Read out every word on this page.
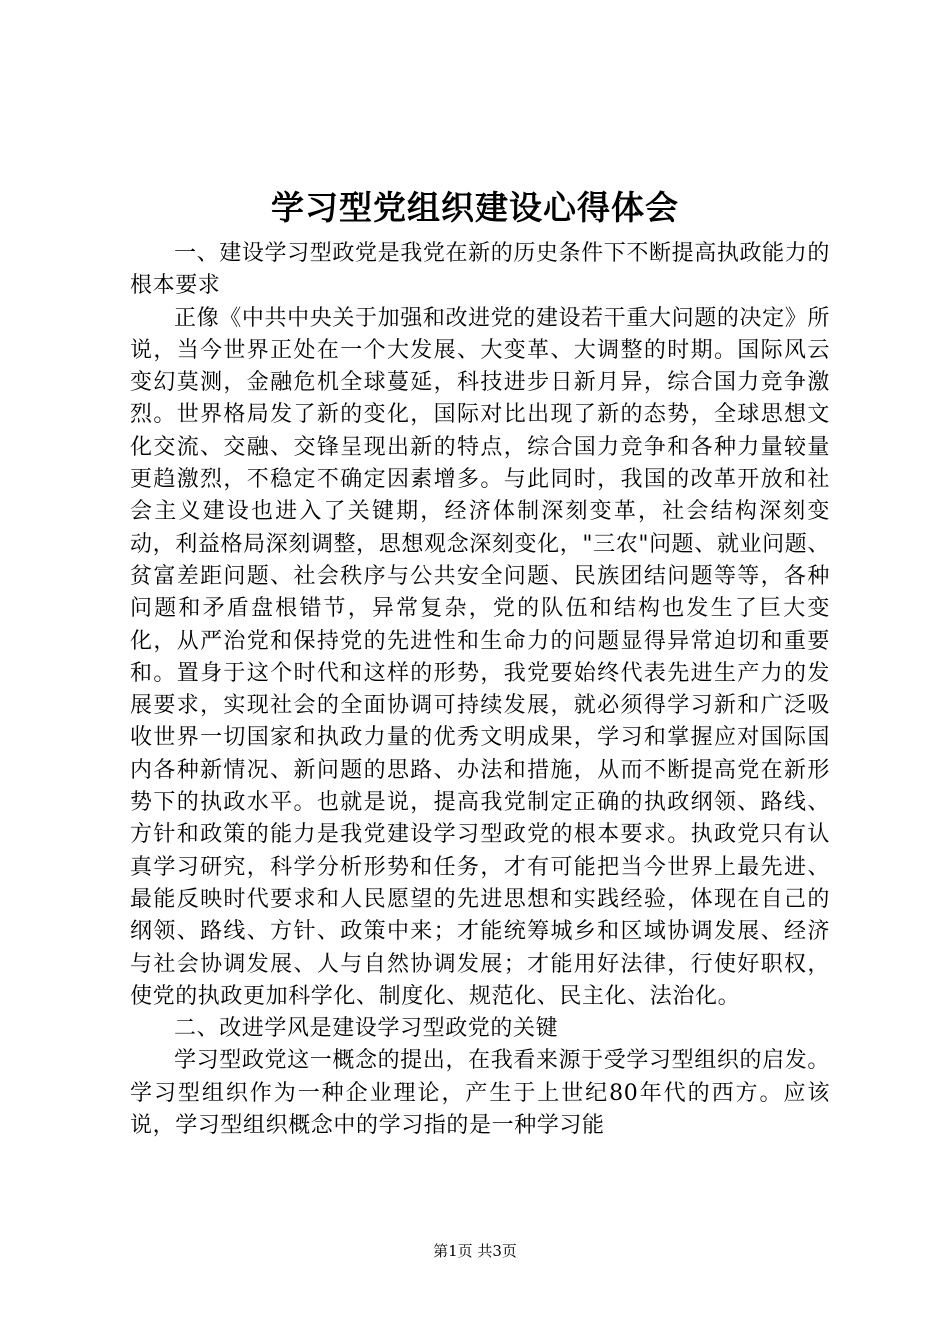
学习型党组织建设心得体会

一、建设学习型政党是我党在新的历史条件下不断提高执政能力的根本要求

正像《中共中央关于加强和改进党的建设若干重大问题的决定》所说，当今世界正处在一个大发展、大变革、大调整的时期。国际风云变幻莫测，金融危机全球蔓延，科技进步日新月异，综合国力竞争激烈。世界格局发了新的变化，国际对比出现了新的态势，全球思想文化交流、交融、交锋呈现出新的特点，综合国力竞争和各种力量较量更趋激烈，不稳定不确定因素增多。与此同时，我国的改革开放和社会主义建设也进入了关键期，经济体制深刻变革，社会结构深刻变动，利益格局深刻调整，思想观念深刻变化，"三农"问题、就业问题、贫富差距问题、社会秩序与公共安全问题、民族团结问题等等，各种问题和矛盾盘根错节，异常复杂，党的队伍和结构也发生了巨大变化，从严治党和保持党的先进性和生命力的问题显得异常迫切和重要和。置身于这个时代和这样的形势，我党要始终代表先进生产力的发展要求，实现社会的全面协调可持续发展，就必须得学习新和广泛吸收世界一切国家和执政力量的优秀文明成果，学习和掌握应对国际国内各种新情况、新问题的思路、办法和措施，从而不断提高党在新形势下的执政水平。也就是说，提高我党制定正确的执政纲领、路线、方针和政策的能力是我党建设学习型政党的根本要求。执政党只有认真学习研究，科学分析形势和任务，才有可能把当今世界上最先进、最能反映时代要求和人民愿望的先进思想和实践经验，体现在自己的纲领、路线、方针、政策中来；才能统筹城乡和区域协调发展、经济与社会协调发展、人与自然协调发展；才能用好法律，行使好职权，使党的执政更加科学化、制度化、规范化、民主化、法治化。

二、改进学风是建设学习型政党的关键

学习型政党这一概念的提出，在我看来源于受学习型组织的启发。学习型组织作为一种企业理论，产生于上世纪80年代的西方。应该说，学习型组织概念中的学习指的是一种学习能

第1页 共3页
